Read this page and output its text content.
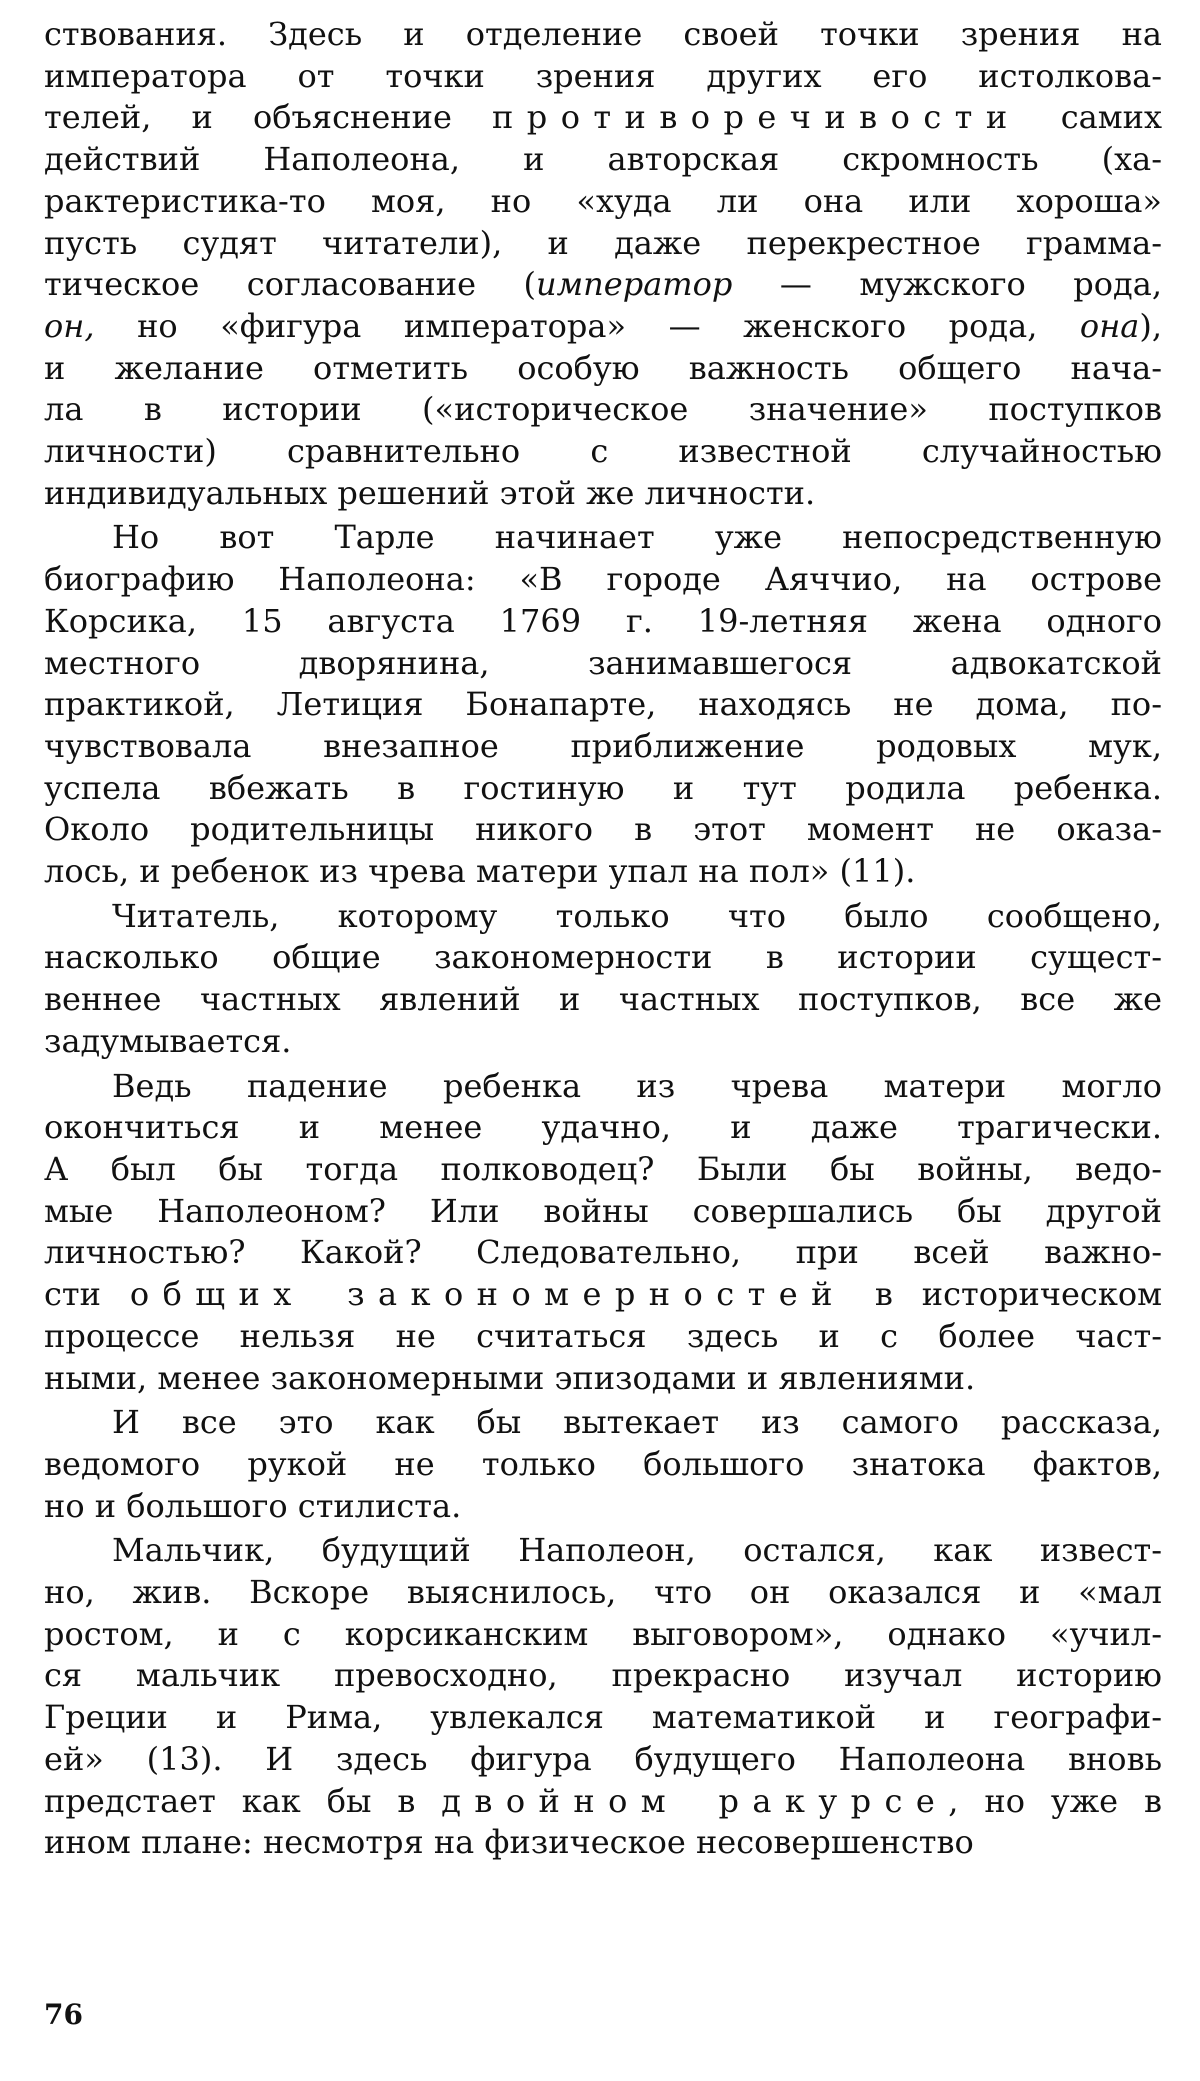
ствования. Здесь и отделение своей точки зрения на
императора от точки зрения других его истолкова-
телей, и объяснение противоречивости самих
действий Наполеона, и авторская скромность (ха-
рактеристика-то моя, но «худа ли она или хороша»
пусть судят читатели), и даже перекрестное грамма-
тическое согласование (император — мужского рода,
он, но «фигура императора» — женского рода, она),
и желание отметить особую важность общего нача-
ла в истории («историческое значение» поступков
личности) сравнительно с известной случайностью
индивидуальных решений этой же личности.
Но вот Тарле начинает уже непосредственную
биографию Наполеона: «В городе Аяччио, на острове
Корсика, 15 августа 1769 г. 19-летняя жена одного
местного дворянина, занимавшегося адвокатской
практикой, Летиция Бонапарте, находясь не дома, по-
чувствовала внезапное приближение родовых мук,
успела вбежать в гостиную и тут родила ребенка.
Около родительницы никого в этот момент не оказа-
лось, и ребенок из чрева матери упал на пол» (11).
Читатель, которому только что было сообщено,
насколько общие закономерности в истории сущест-
веннее частных явлений и частных поступков, все же
задумывается.
Ведь падение ребенка из чрева матери могло
окончиться и менее удачно, и даже трагически.
А был бы тогда полководец? Были бы войны, ведо-
мые Наполеоном? Или войны совершались бы другой
личностью? Какой? Следовательно, при всей важно-
сти общих закономерностей в историческом
процессе нельзя не считаться здесь и с более част-
ными, менее закономерными эпизодами и явлениями.
И все это как бы вытекает из самого рассказа,
ведомого рукой не только большого знатока фактов,
но и большого стилиста.
Мальчик, будущий Наполеон, остался, как извест-
но, жив. Вскоре выяснилось, что он оказался и «мал
ростом, и с корсиканским выговором», однако «учил-
ся мальчик превосходно, прекрасно изучал историю
Греции и Рима, увлекался математикой и географи-
ей» (13). И здесь фигура будущего Наполеона вновь
предстает как бы в двойном ракурсе, но уже в
ином плане: несмотря на физическое несовершенство
76
